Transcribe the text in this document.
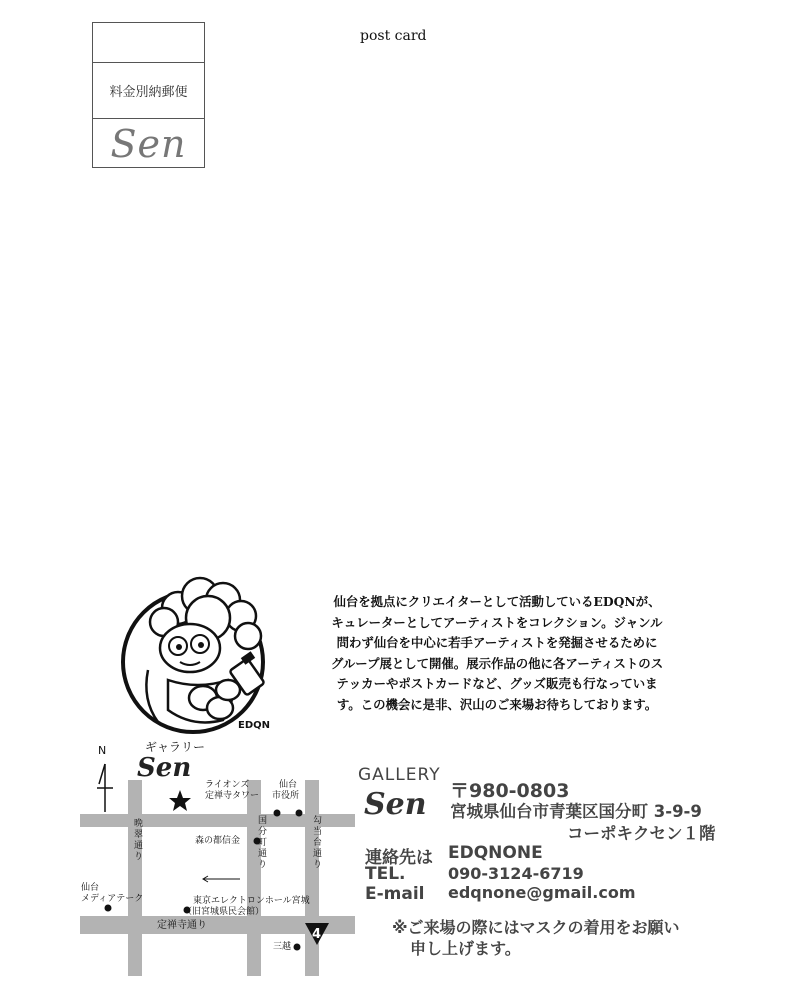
料金別納郵便
Sen
post card
EDQN
仙台を拠点にクリエイターとして活動しているEDQNが、
キュレーターとしてアーティストをコレクション。ジャンル
問わず仙台を中心に若手アーティストを発掘させるために
グループ展として開催。展示作品の他に各アーティストのス
テッカーやポストカードなど、グッズ販売も行なっていま
す。この機会に是非、沢山のご来場お待ちしております。
4
N	ギャラリー
Sen
ライオンズ
定禅寺タワー
仙台
市役所
晩
翠
通
り
国
分
町
通
り
勾
当
台
通
り
森の都信金
仙台
メディアテーク	東京エレクトロンホール宮城
（旧宮城県民会館）
定禅寺通り
三越
GALLERY
Sen 〒980-0803
宮城県仙台市青葉区国分町 3-9-9
コーポキクセン１階
連絡先は EDQNONE
TEL.	090-3124-6719
E-mail edqnone@gmail.com
※ご来場の際にはマスクの着用をお願い
申し上げます。
